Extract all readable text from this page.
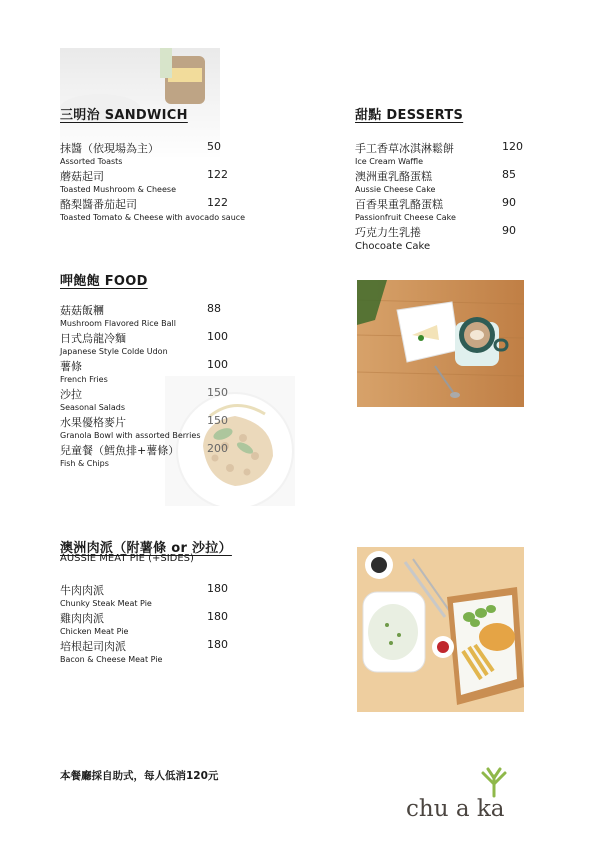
三明治 SANDWICH
抹醬（依現場為主）	50
Assorted Toasts
蘑菇起司	122
Toasted Mushroom & Cheese
酪梨醬番茄起司	122
Toasted Tomato & Cheese with avocado sauce
甜點 DESSERTS
手工香草冰淇淋鬆餅	120
Ice Cream Waffle
澳洲重乳酪蛋糕	85
Aussie Cheese Cake
百香果重乳酪蛋糕	90
Passionfruit Cheese Cake
巧克力生乳捲	90
Chocoate Cake
呷飽飽 FOOD
菇菇飯糰	88
Mushroom Flavored Rice Ball
日式烏龍冷麵	100
Japanese Style Colde Udon
薯條	100
French Fries
沙拉	150
Seasonal Salads
水果優格麥片	150
Granola Bowl with assorted Berries
兒童餐（鱈魚排+薯條）	200
Fish & Chips
澳洲肉派（附薯條 or 沙拉）
AUSSIE MEAT PIE (+SIDES)
牛肉肉派	180
Chunky Steak Meat Pie
雞肉肉派	180
Chicken Meat Pie
培根起司肉派	180
Bacon & Cheese Meat Pie
本餐廳採自助式，每人低消120元
chu a ka
